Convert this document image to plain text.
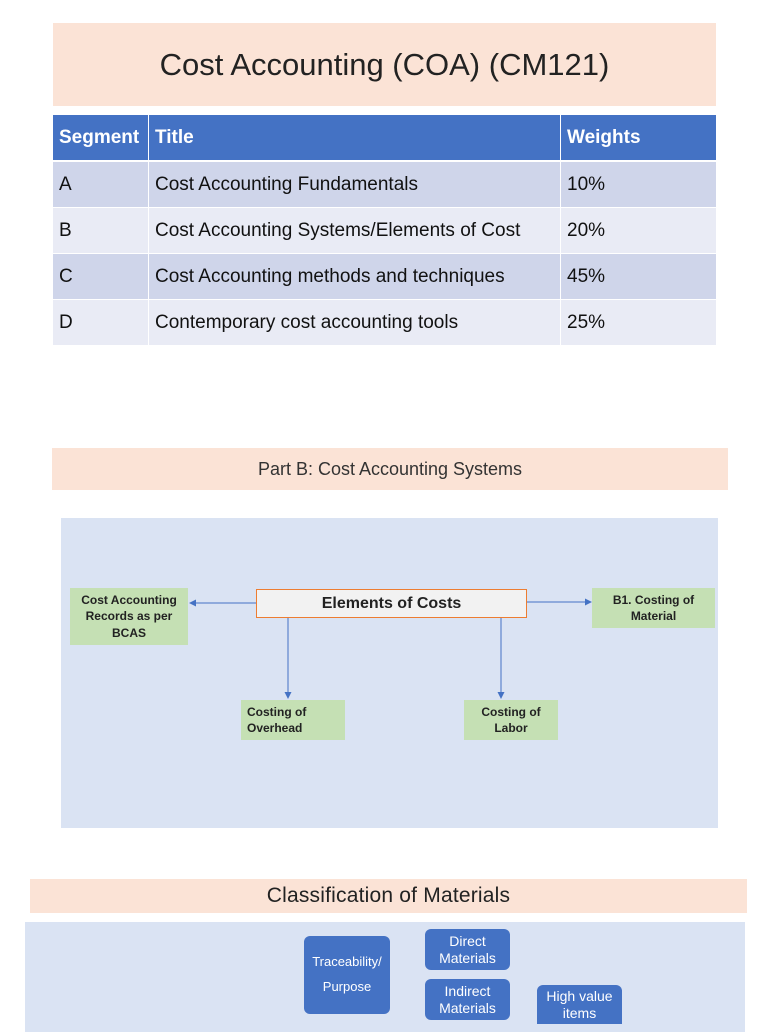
Cost Accounting (COA) (CM121)
Segment	Title	Weights
A	Cost Accounting Fundamentals	10%
B	Cost Accounting Systems/Elements of Cost	20%
C	Cost Accounting methods and techniques	45%
D	Contemporary cost accounting tools	25%
Part B: Cost Accounting Systems
Elements of Costs
Cost Accounting Records as per BCAS
B1. Costing of Material
Costing of Overhead
Costing of Labor
Classification of Materials
Traceability/
Purpose
Direct
Materials
Indirect
Materials
High value
items
